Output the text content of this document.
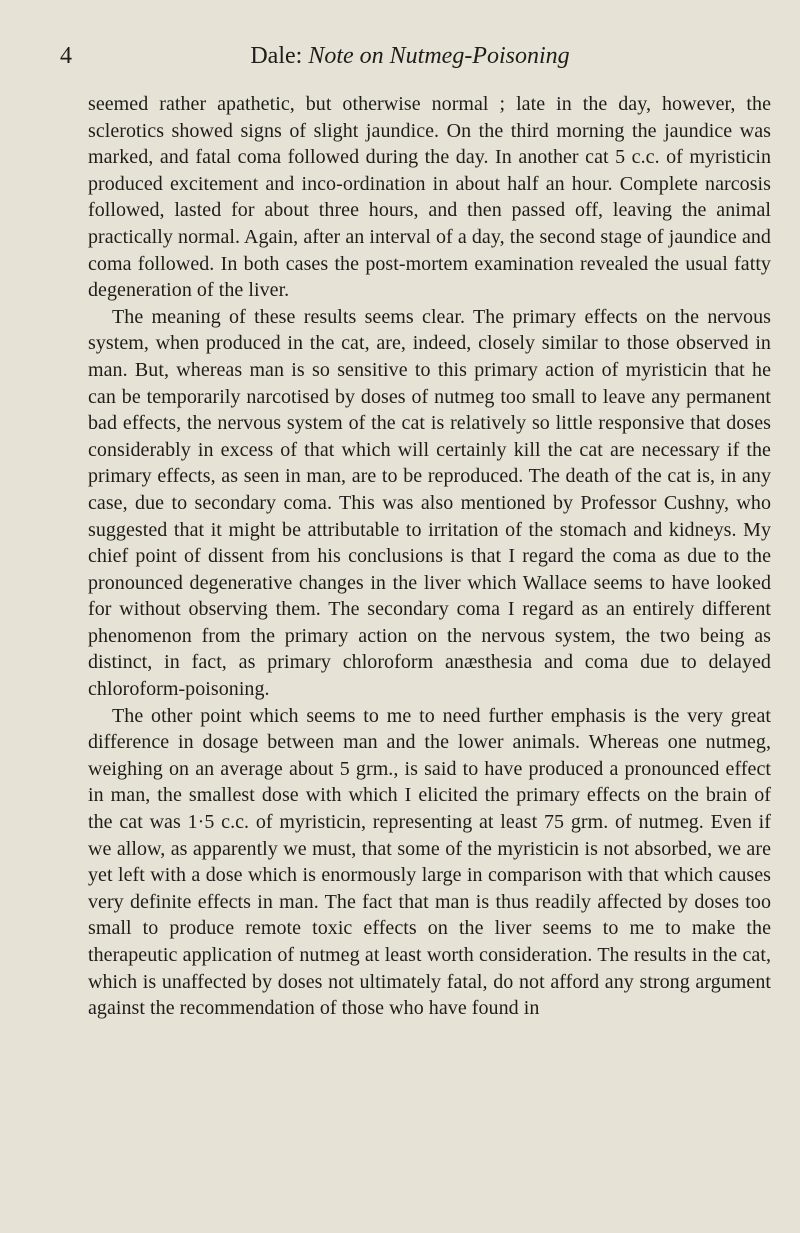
4	Dale: Note on Nutmeg-Poisoning

seemed rather apathetic, but otherwise normal ; late in the day, however, the sclerotics showed signs of slight jaundice. On the third morning the jaundice was marked, and fatal coma followed during the day. In another cat 5 c.c. of myristicin produced excitement and inco-ordination in about half an hour. Complete narcosis followed, lasted for about three hours, and then passed off, leaving the animal practically normal. Again, after an interval of a day, the second stage of jaundice and coma followed. In both cases the post-mortem examination revealed the usual fatty degeneration of the liver.

The meaning of these results seems clear. The primary effects on the nervous system, when produced in the cat, are, indeed, closely similar to those observed in man. But, whereas man is so sensitive to this primary action of myristicin that he can be temporarily narcotised by doses of nutmeg too small to leave any permanent bad effects, the nervous system of the cat is relatively so little responsive that doses considerably in excess of that which will certainly kill the cat are necessary if the primary effects, as seen in man, are to be reproduced. The death of the cat is, in any case, due to secondary coma. This was also mentioned by Professor Cushny, who suggested that it might be attributable to irritation of the stomach and kidneys. My chief point of dissent from his conclusions is that I regard the coma as due to the pronounced degenerative changes in the liver which Wallace seems to have looked for without observing them. The secondary coma I regard as an entirely different phenomenon from the primary action on the nervous system, the two being as distinct, in fact, as primary chloroform anæsthesia and coma due to delayed chloroform-poisoning.

The other point which seems to me to need further emphasis is the very great difference in dosage between man and the lower animals. Whereas one nutmeg, weighing on an average about 5 grm., is said to have produced a pronounced effect in man, the smallest dose with which I elicited the primary effects on the brain of the cat was 1·5 c.c. of myristicin, representing at least 75 grm. of nutmeg. Even if we allow, as apparently we must, that some of the myristicin is not absorbed, we are yet left with a dose which is enormously large in comparison with that which causes very definite effects in man. The fact that man is thus readily affected by doses too small to produce remote toxic effects on the liver seems to me to make the therapeutic application of nutmeg at least worth consideration. The results in the cat, which is unaffected by doses not ultimately fatal, do not afford any strong argument against the recommendation of those who have found in
